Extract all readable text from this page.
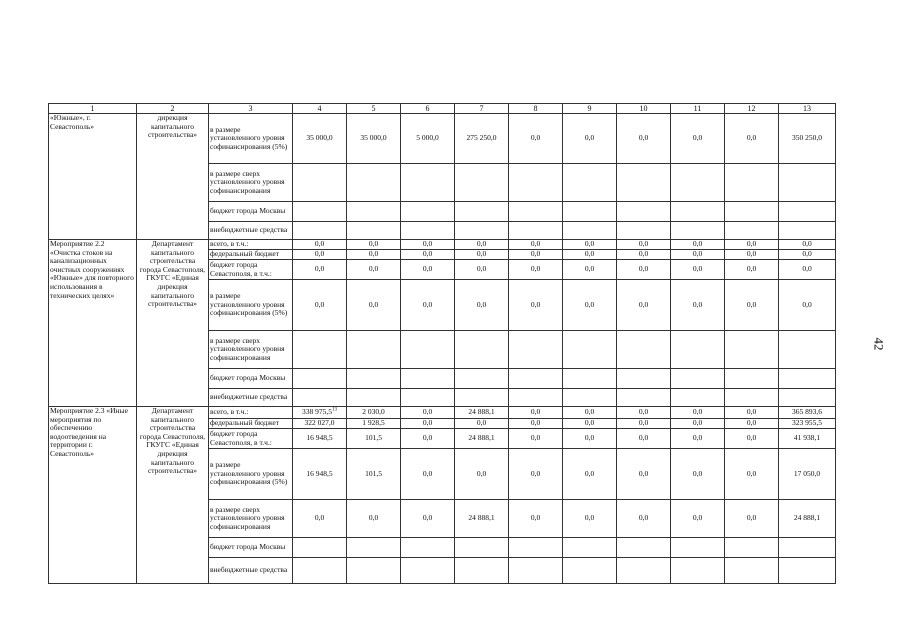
42
1	2	3	4	5	6	7	8	9	10	11	12	13
«Южные», г. Севастополь»	дирекция капитального строительства»	в размере установленного уровня софинансирования (5%)	35 000,0	35 000,0	5 000,0	275 250,0	0,0	0,0	0,0	0,0	0,0	350 250,0
		в размере сверх установленного уровня софинансирования										
		бюджет города Москвы										
		внебюджетные средства										
Мероприятие 2.2 «Очистка стоков на канализационных очистных сооружениях «Южные» для повторного использования в технических целях»	Департамент капитального строительства города Севастополя, ГКУГС «Единая дирекция капитального строительства»	всего, в т.ч.:	0,0	0,0	0,0	0,0	0,0	0,0	0,0	0,0	0,0	0,0
		федеральный бюджет	0,0	0,0	0,0	0,0	0,0	0,0	0,0	0,0	0,0	0,0
		бюджет города Севастополя, в т.ч.:	0,0	0,0	0,0	0,0	0,0	0,0	0,0	0,0	0,0	0,0
		в размере установленного уровня софинансирования (5%)	0,0	0,0	0,0	0,0	0,0	0,0	0,0	0,0	0,0	0,0
		в размере сверх установленного уровня софинансирования										
		бюджет города Москвы										
		внебюджетные средства										
Мероприятие 2.3 «Иные мероприятия по обеспечению водоотведения на территории г. Севастополь»	Департамент капитального строительства города Севастополя, ГКУГС «Единая дирекция капитального строительства»	всего, в т.ч.:	338 975,5$^{13}$	2 030,0	0,0	24 888,1	0,0	0,0	0,0	0,0	0,0	365 893,6
		федеральный бюджет	322 027,0	1 928,5	0,0	0,0	0,0	0,0	0,0	0,0	0,0	323 955,5
		бюджет города Севастополя, в т.ч.:	16 948,5	101,5	0,0	24 888,1	0,0	0,0	0,0	0,0	0,0	41 938,1
		в размере установленного уровня софинансирования (5%)	16 948,5	101,5	0,0	0,0	0,0	0,0	0,0	0,0	0,0	17 050,0
		в размере сверх установленного уровня софинансирования	0,0	0,0	0,0	24 888,1	0,0	0,0	0,0	0,0	0,0	24 888,1
		бюджет города Москвы										
		внебюджетные средства										
